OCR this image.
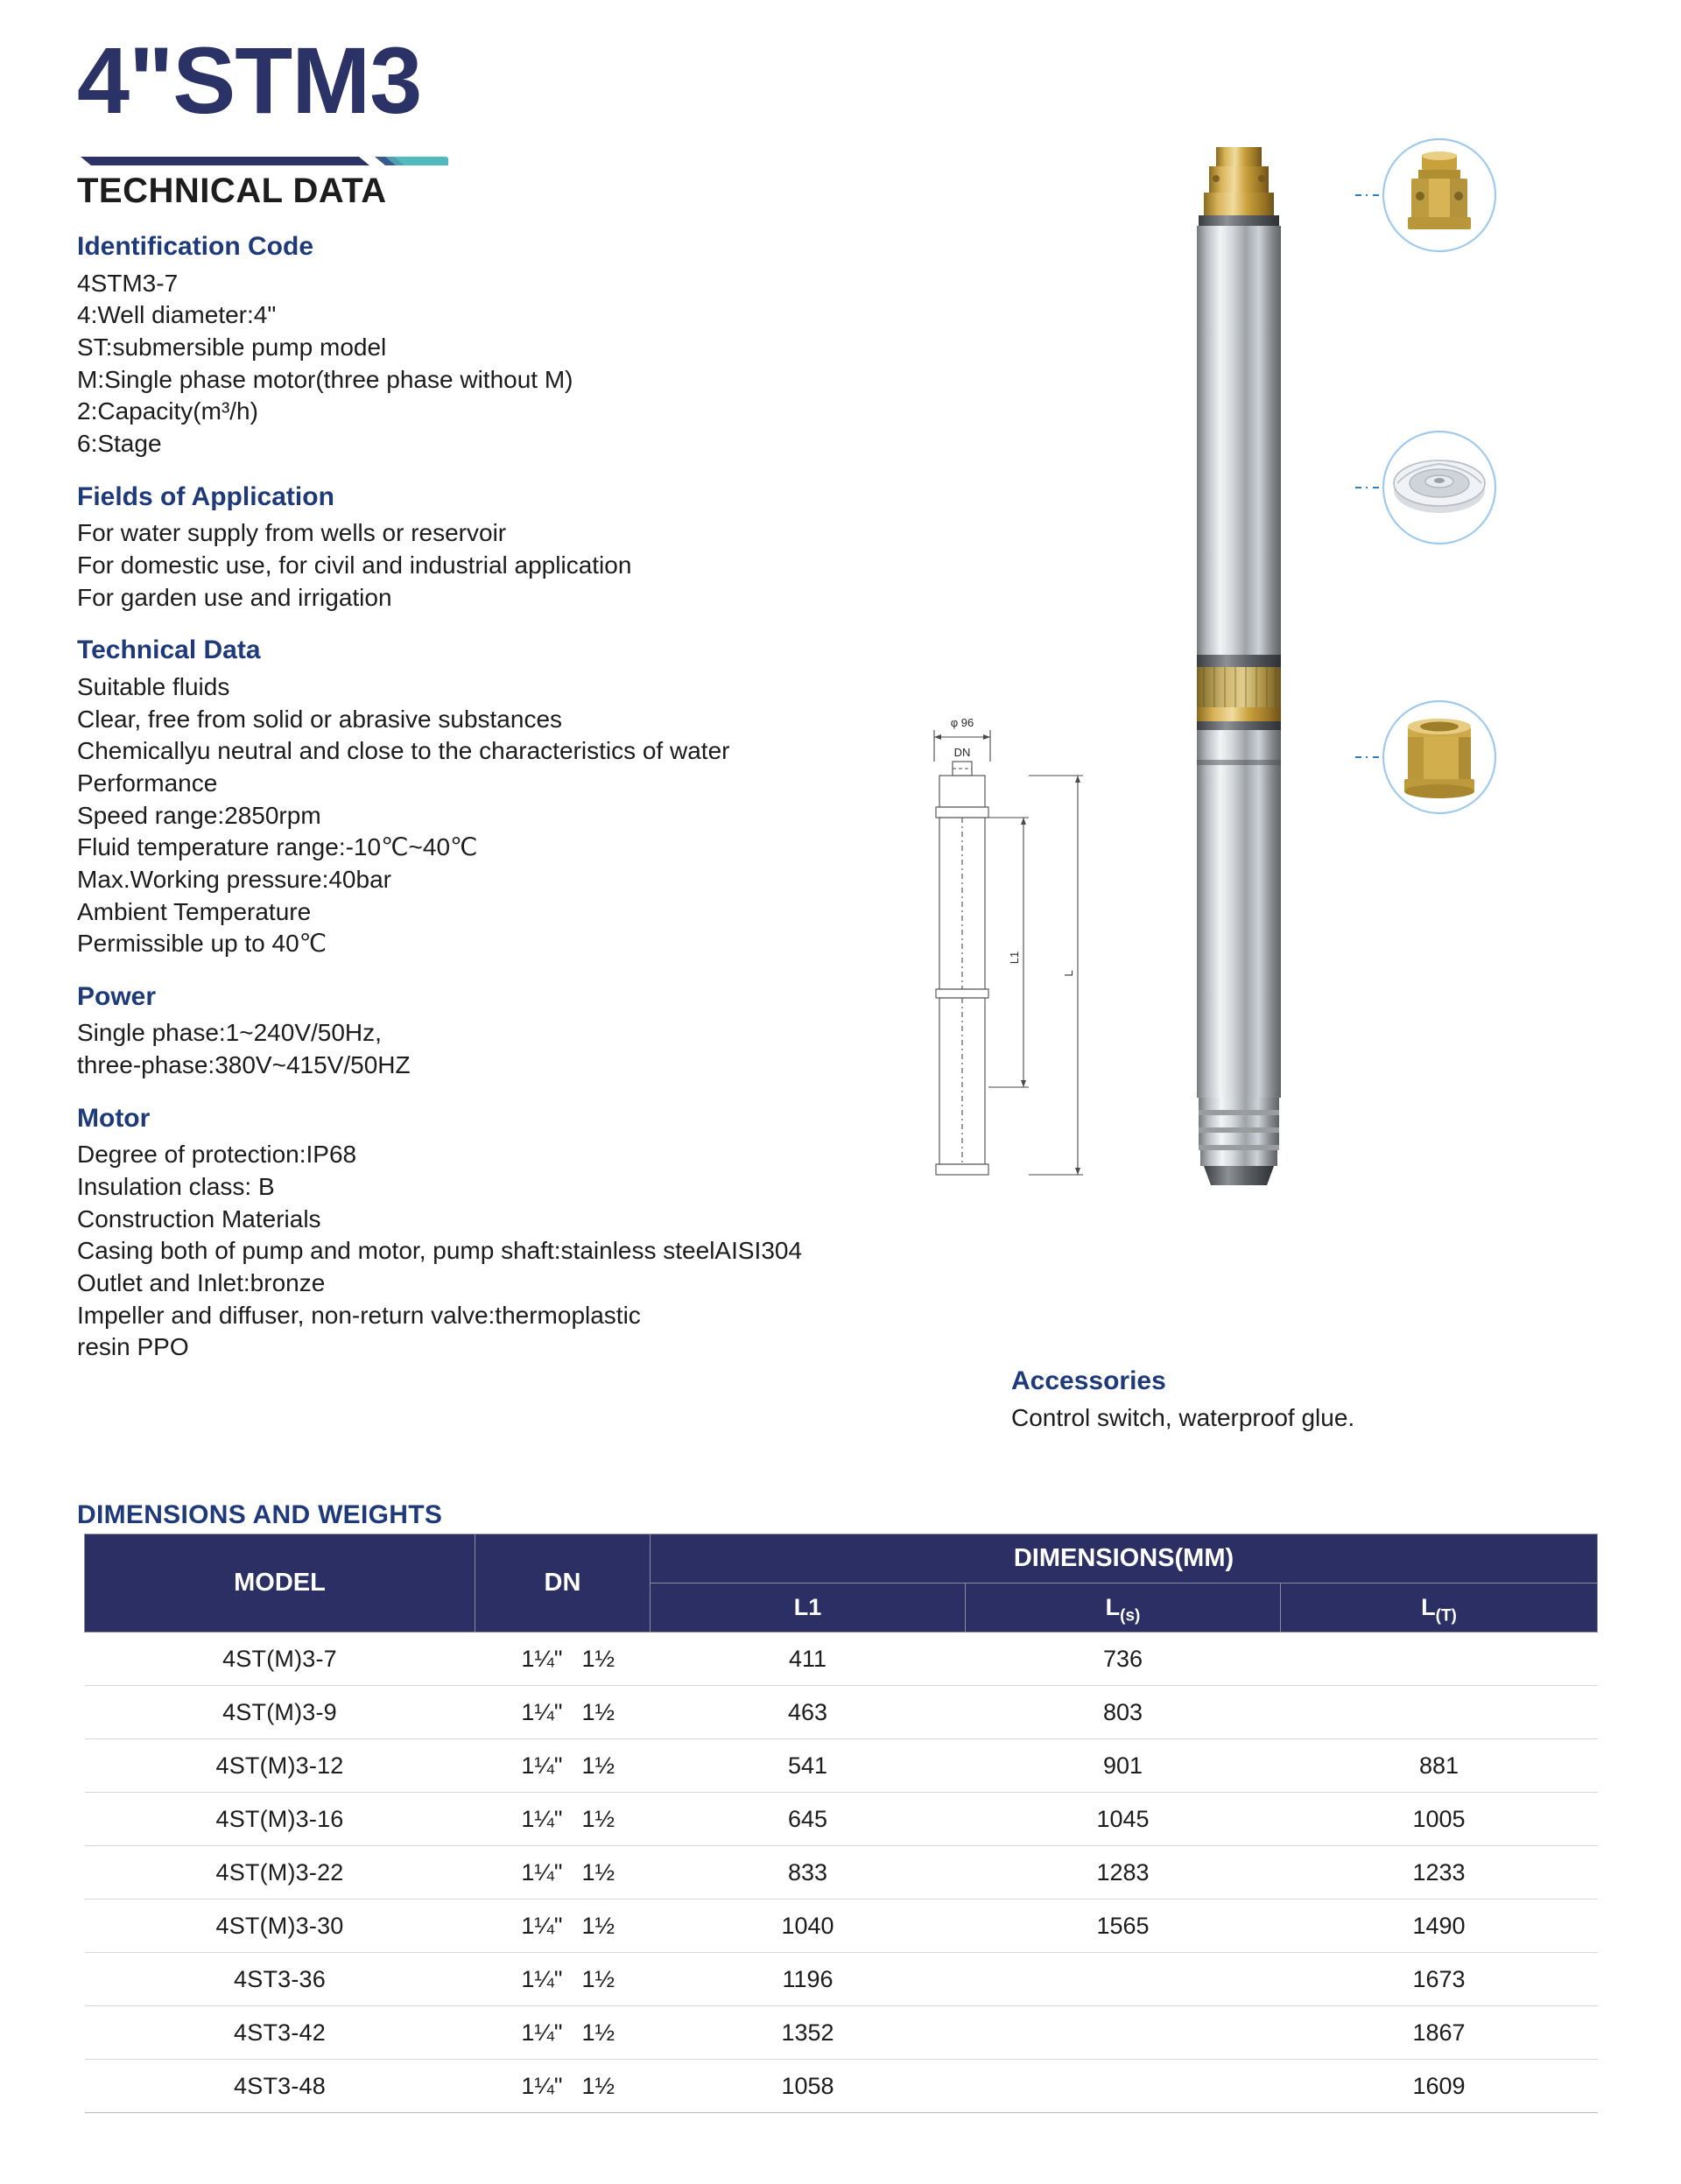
4"STM3
TECHNICAL DATA
Identification Code
4STM3-7
4:Well diameter:4"
ST:submersible pump model
M:Single phase motor(three phase without M)
2:Capacity(m³/h)
6:Stage
Fields of Application
For water supply from wells or reservoir
For domestic use, for civil and industrial application
For garden use and irrigation
Technical Data
Suitable fluids
Clear, free from solid or abrasive substances
Chemicallyu neutral and close to the characteristics of water
Performance
Speed range:2850rpm
Fluid temperature range:-10℃~40℃
Max.Working pressure:40bar
Ambient Temperature
Permissible up to 40℃
Power
Single phase:1~240V/50Hz,
three-phase:380V~415V/50HZ
Motor
Degree of protection:IP68
Insulation class: B
Construction Materials
Casing both of pump and motor, pump shaft:stainless steelAISI304
Outlet and Inlet:bronze
Impeller and diffuser, non-return valve:thermoplastic
resin PPO
Accessories
Control switch, waterproof glue.
φ 96
DN
L1
L
DIMENSIONS AND WEIGHTS
MODEL	DN	DIMENSIONS(MM)		
		L1	$L_{(s)}$	$L_{(T)}$
4ST(M)3-7	1¼" 1½	411	736	
4ST(M)3-9	1¼" 1½	463	803	
4ST(M)3-12	1¼" 1½	541	901	881
4ST(M)3-16	1¼" 1½	645	1045	1005
4ST(M)3-22	1¼" 1½	833	1283	1233
4ST(M)3-30	1¼" 1½	1040	1565	1490
4ST3-36	1¼" 1½	1196		1673
4ST3-42	1¼" 1½	1352		1867
4ST3-48	1¼" 1½	1058		1609
